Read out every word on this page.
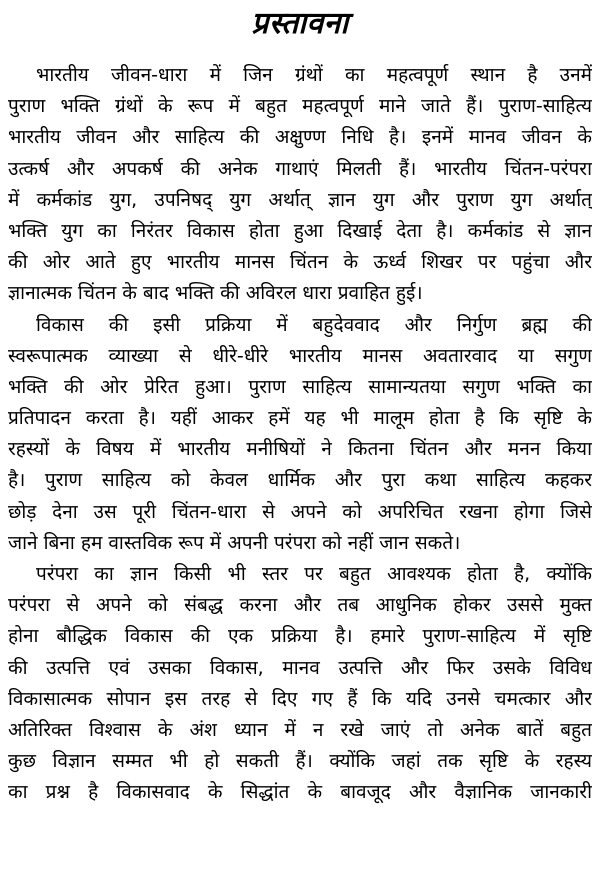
प्रस्तावना
भारतीय जीवन-धारा में जिन ग्रंथों का महत्वपूर्ण स्थान है उनमें
पुराण भक्ति ग्रंथों के रूप में बहुत महत्वपूर्ण माने जाते हैं। पुराण-साहित्य
भारतीय जीवन और साहित्य की अक्षुण्ण निधि है। इनमें मानव जीवन के
उत्कर्ष और अपकर्ष की अनेक गाथाएं मिलती हैं। भारतीय चिंतन-परंपरा
में कर्मकांड युग, उपनिषद् युग अर्थात् ज्ञान युग और पुराण युग अर्थात्
भक्ति युग का निरंतर विकास होता हुआ दिखाई देता है। कर्मकांड से ज्ञान
की ओर आते हुए भारतीय मानस चिंतन के ऊर्ध्व शिखर पर पहुंचा और
ज्ञानात्मक चिंतन के बाद भक्ति की अविरल धारा प्रवाहित हुई।
विकास की इसी प्रक्रिया में बहुदेववाद और निर्गुण ब्रह्म की
स्वरूपात्मक व्याख्या से धीरे-धीरे भारतीय मानस अवतारवाद या सगुण
भक्ति की ओर प्रेरित हुआ। पुराण साहित्य सामान्यतया सगुण भक्ति का
प्रतिपादन करता है। यहीं आकर हमें यह भी मालूम होता है कि सृष्टि के
रहस्यों के विषय में भारतीय मनीषियों ने कितना चिंतन और मनन किया
है। पुराण साहित्य को केवल धार्मिक और पुरा कथा साहित्य कहकर
छोड़ देना उस पूरी चिंतन-धारा से अपने को अपरिचित रखना होगा जिसे
जाने बिना हम वास्तविक रूप में अपनी परंपरा को नहीं जान सकते।
परंपरा का ज्ञान किसी भी स्तर पर बहुत आवश्यक होता है, क्योंकि
परंपरा से अपने को संबद्ध करना और तब आधुनिक होकर उससे मुक्त
होना बौद्धिक विकास की एक प्रक्रिया है। हमारे पुराण-साहित्य में सृष्टि
की उत्पत्ति एवं उसका विकास, मानव उत्पत्ति और फिर उसके विविध
विकासात्मक सोपान इस तरह से दिए गए हैं कि यदि उनसे चमत्कार और
अतिरिक्त विश्वास के अंश ध्यान में न रखे जाएं तो अनेक बातें बहुत
कुछ विज्ञान सम्मत भी हो सकती हैं। क्योंकि जहां तक सृष्टि के रहस्य
का प्रश्न है विकासवाद के सिद्धांत के बावजूद और वैज्ञानिक जानकारी
